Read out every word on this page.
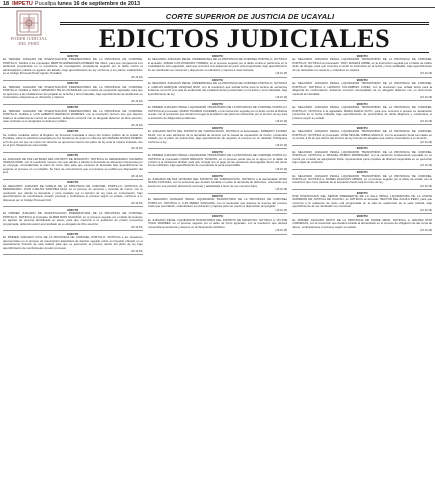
18 IMPETU Pucallpa
lunes 16 de septiembre de 2013
PODER JUDICIAL
DEL PERÚ
CORTE SUPERIOR DE JUSTICIA DE UCAYALI
EDICTOS JUDICIALES
EDICTO
EL TERCER JUZGADO DE INVESTIGACION PREPARATORIA DE LA PROVINCIA DE CORONEL PORTILLO, Notifica a los imputados: BERTHA ESPERANZA ROMERO DE VELA, para que comparezca a la audiencia programada en el expediente de investigación preparatoria seguido por el delito contra la administración pública en agravio del Estado, bajo apercibimiento de ley conforme a los plazos establecidos en el Código Procesal Penal vigente. Pucallpa.
(15.16.18)
EDICTO
EL TERCER JUZGADO DE INVESTIGACION PREPARATORIA DE LA PROVINCIA DE CORONEL PORTILLO, Notifica a: WILLY ARMANDO TELLO GONZALES, por el delito de usurpación agravada, para que se apersone a las instalaciones del juzgado en la fecha y hora indicadas, bajo apercibimiento de declararse su contumacia y disponerse su ubicación y captura.
(15.16.18)
EDICTO
EL TERCER JUZGADO DE INVESTIGACION PREPARATORIA DE LA PROVINCIA DE CORONEL PORTILLO, Notifica a: LUIS ALBERTO REATEGUI PAREDES, con la resolución número tres que dispone citarlo a la audiencia de control de acusación, debiendo concurrir con su abogado defensor de libre elección, caso contrario se le designará un defensor público.
(15.16.18)
EDICTO
Se notifica mediante edicto al Registro de Sucesión Intestada a cargo del notario público de la ciudad de Pucallpa, sobre la solicitud presentada por los herederos de quien en vida fue don MANUEL ROSAS PINEDO, a fin de que los que se crean con derecho se apersonen dentro del plazo de ley ante la notaría indicada, sito en el jirón Tarapacá de esta ciudad.
(15.16.18)
EDICTO
EL JUZGADO DE PAZ LETRADO DEL DISTRITO DE MANANTAY, NOTIFICA AL DEMANDADO: RICARDO VARGAS MORI, con la resolución número uno que admite a trámite la demanda de alimentos interpuesta por su cónyuge, concediéndole el plazo de cinco días para que conteste la demanda bajo apercibimiento de seguirse el proceso en su rebeldía. Se hace de conocimiento que el presente se publica por disposición del juez.
(15.16.18)
EDICTO
EL SEGUNDO JUZGADO DE FAMILIA DE LA PROVINCIA DE CORONEL PORTILLO, NOTIFICA AL DEMANDADO: JUAN CARLOS SANCHEZ DIAZ, en el proceso de tenencia y custodia de menor, con la resolución que admite la demanda y corre traslado por el término de ley para su contestación, bajo apercibimiento de nombrársele curador procesal y continuarse el proceso según su estado, conforme a lo dispuesto por el Código Procesal Civil.
(15.16.18)
EDICTO
EL PRIMER JUZGADO DE INVESTIGACION PREPARATORIA DE LA PROVINCIA DE CORONEL PORTILLO, NOTIFICA al imputado: ELMER RIOS SALDAÑA, en el proceso seguido por el delito de lesiones en agravio de persona identificada en autos, para que concurra a la audiencia de prisión preventiva programada, debiendo asistir acompañado de su abogado de libre elección.
(15.16.18)
EDICTO
EL PRIMER JUZGADO CIVIL DE LA PROVINCIA DE CORONEL PORTILLO, NOTIFICA a los herederos desconocidos en el proceso de prescripción adquisitiva de dominio seguido sobre el inmueble ubicado en el asentamiento humano de esta ciudad, para que se apersonen al proceso dentro del plazo de ley bajo apercibimiento de nombrárseles curador procesal.
(15.16.18)
EDICTO
EL SEGUNDO JUZGADO PENAL UNIPERSONAL DE LA PROVINCIA DE CORONEL PORTILLO, NOTIFICA al acusado: JORGE LUIS PANDURO TORRES, en el proceso seguido por el delito contra el patrimonio en la modalidad de robo agravado, para que concurra a la audiencia de juicio oral programada, bajo apercibimiento de ser declarado reo contumaz y disponerse su ubicación y captura a nivel nacional.
(15.16.18)
EDICTO
EL SEGUNDO JUZGADO PENAL UNIPERSONAL DE LA PROVINCIA DE CORONEL PORTILLO, NOTIFICA a: CARLOS ENRIQUE VASQUEZ RUIZ, con la resolución que señala fecha para la lectura de sentencia, debiendo concurrir a la sala de audiencias del establecimiento penitenciario en la fecha y hora indicadas, bajo apercibimiento de ley.
(15.16.18)
EDICTO
EL PRIMER JUZGADO PENAL LIQUIDADOR TRANSITORIO DE LA PROVINCIA DE CORONEL PORTILLO, NOTIFICA al procesado: MARIO HUAMAN CACERES, en la instrucción seguida por el delito contra la libertad sexual, con la resolución que declara ha lugar la ampliación del plazo de instrucción por el término de ley para la actuación de diligencias pendientes.
(15.16.18)
EDICTO
EL JUZGADO MIXTO DEL DISTRITO DE YARINACOCHA, NOTIFICA al demandado: ROBERTO FLORES SILVA, con el auto admisorio de la demanda de divorcio por la causal de separación de hecho, corriéndole traslado por el plazo de treinta días, bajo apercibimiento de seguirse el proceso en su rebeldía. Publíquese conforme a ley.
(15.16.18)
EDICTO
EL PRIMER JUZGADO PENAL LIQUIDADOR TRANSITORIO DE LA PROVINCIA DE CORONEL PORTILLO, NOTIFICA al procesado: DAVID RENGIFO TANANTA, en el proceso penal que se le sigue por el delito de omisión a la asistencia familiar, para que cumpla con el pago de las pensiones devengadas dentro del tercer día de notificado, bajo apercibimiento de revocársele la pena suspendida.
(15.16.18)
EDICTO
EL JUZGADO DE PAZ LETRADO DEL DISTRITO DE YARINACOCHA, NOTIFICA a la demandada: ROSA ISUIZA CAHUAZA, con la sentencia que declara fundada en parte la demanda de alimentos, ordenando que acuda con una pensión alimenticia mensual y adelantada a favor de sus menores hijos.
(15.16.18)
EDICTO
EL SEGUNDO JUZGADO PENAL LIQUIDADOR TRANSITORIO DE LA PROVINCIA DE CORONEL PORTILLO, NOTIFICA a: LUIS PEREZ SANGAMA, con la resolución que dispone la reserva del proceso hasta que sea habido, ordenándose su ubicación y captura para ser puesto a disposición del juzgado.
(15.16.18)
EDICTO
EL JUZGADO PENAL LIQUIDADOR TRANSITORIO DEL DISTRITO DE MANANTAY, NOTIFICA a: VICTOR HUGO RAMIREZ, en el proceso seguido por el delito de hurto agravado, con la resolución que declara consentida la sentencia y dispone su archivamiento definitivo.
(15.16.18)
EDICTO
EL SEGUNDO JUZGADO PENAL LIQUIDADOR TRANSITORIO DE LA PROVINCIA DE CORONEL PORTILLO, NOTIFICA al procesado: TONY MAMANI URIBE, en la instrucción seguida por el delito de tráfico ilícito de drogas, para que concurra a rendir su instructiva en la fecha y hora señaladas, bajo apercibimiento de ser declarado reo ausente y ordenarse su captura.
(15.16.18)
EDICTO
EL SEGUNDO JUZGADO PENAL LIQUIDADOR TRANSITORIO DE LA PROVINCIA DE CORONEL PORTILLO, NOTIFICA a: LEONCIO COLOMBINO LOPEZ, con la resolución que señala fecha para la diligencia de confrontación, debiendo concurrir acompañado de su abogado defensor con su documento nacional de identidad.
(15.16.18)
EDICTO
EL SEGUNDO JUZGADO PENAL LIQUIDADOR TRANSITORIO DE LA PROVINCIA DE CORONEL PORTILLO, NOTIFICA a la agraviada: MARIA ELENA SOTO, para que concurra a prestar su declaración preventiva en la fecha indicada, bajo apercibimiento de prescindirse de dicha diligencia y continuarse el proceso según su estado.
(15.16.18)
EDICTO
EL SEGUNDO JUZGADO PENAL LIQUIDADOR TRANSITORIO DE LA PROVINCIA DE CORONEL PORTILLO, NOTIFICA al procesado: JOSE MIGUEL SIBINA ANGULO, con la acusación fiscal formulada en su contra, a fin de que dentro del término de ley formule los alegatos que estime conveniente a su derecho.
(15.16.18)
EDICTO
EL SEGUNDO JUZGADO PENAL LIQUIDADOR TRANSITORIO DE LA PROVINCIA DE CORONEL PORTILLO, NOTIFICA a: MANUEL PINEDO RODRIGUEZ, con la sentencia condenatoria expedida en su contra por el delito de apropiación ilícita, imponiéndole pena privativa de libertad suspendida en su ejecución bajo reglas de conducta.
(15.16.18)
EDICTO
EL SEGUNDO JUZGADO PENAL LIQUIDADOR TRANSITORIO DE LA PROVINCIA DE CORONEL PORTILLO, NOTIFICA a: DANIEL PALACIOS ARMAS, en el proceso seguido por el delito de estafa, con la resolución que corre traslado de la acusación fiscal para los fines de ley.
(15.16.18)
EDICTO
POR DISPOSICION DEL SEÑOR PRESIDENTE DE LA SALA PENAL LIQUIDADORA DE LA CORTE SUPERIOR DE JUSTICIA DE UCAYALI, se NOTIFICA al acusado: HECTOR DEL AGUILA PEZO, para que concurra a la audiencia de juicio oral programada en la sala de audiencias de la sede judicial, bajo apercibimiento de ser declarado reo contumaz.
(15.16.18)
EDICTO
EL PRIMER JUZGADO MIXTO DE LA PROVINCIA DE PADRE ABAD, NOTIFICA a: WALTER RUIZ CARDENAS, con la resolución que declara rebelde al demandado en el proceso de obligación de dar suma de dinero, continuándose el proceso según su estado.
(15.16.18)
